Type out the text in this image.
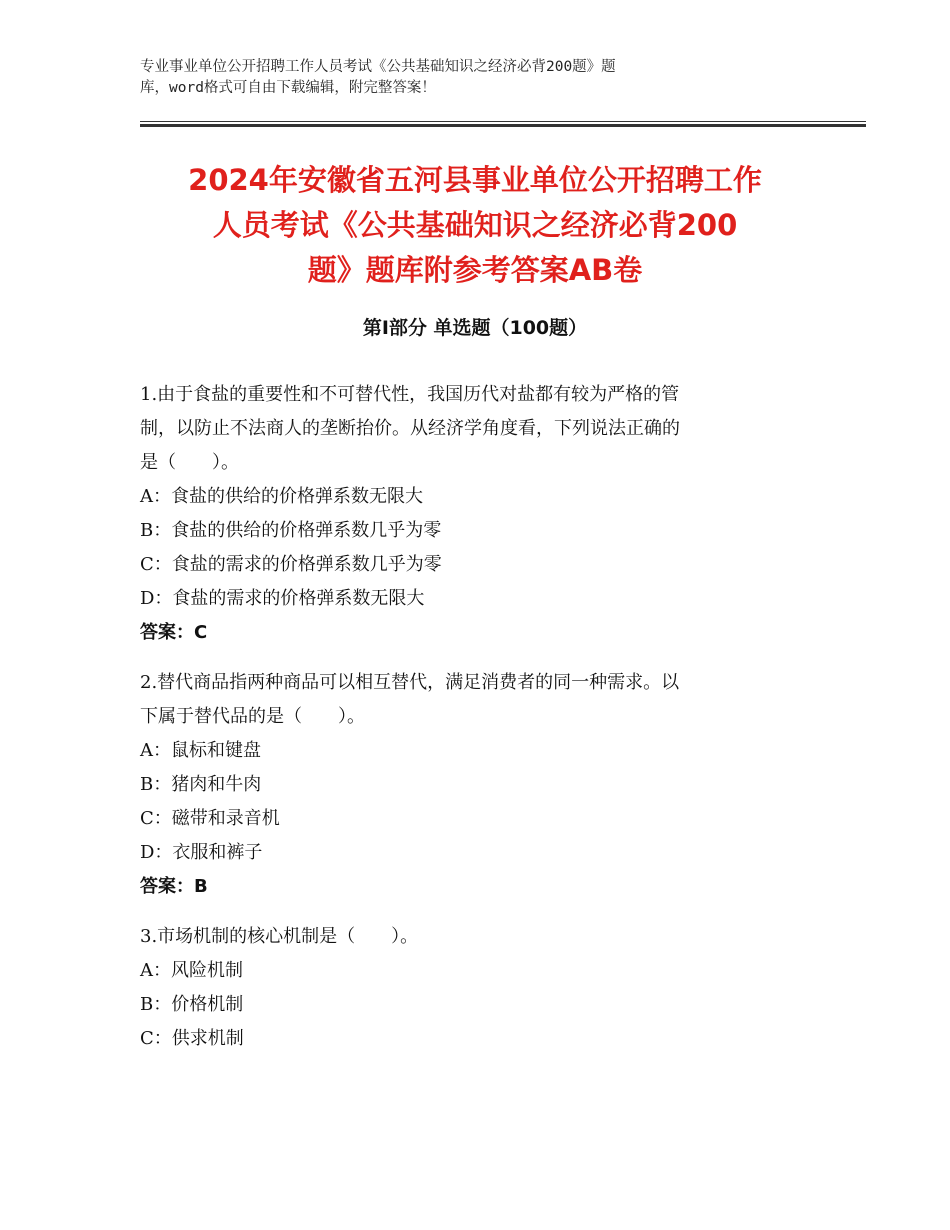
专业事业单位公开招聘工作人员考试《公共基础知识之经济必背200题》题
库，word格式可自由下载编辑，附完整答案！
2024年安徽省五河县事业单位公开招聘工作
人员考试《公共基础知识之经济必背200
题》题库附参考答案AB卷
第Ⅰ部分 单选题（100题）
1.由于食盐的重要性和不可替代性，我国历代对盐都有较为严格的管
制，以防止不法商人的垄断抬价。从经济学角度看，下列说法正确的
是（　　）。
A：食盐的供给的价格弹系数无限大
B：食盐的供给的价格弹系数几乎为零
C：食盐的需求的价格弹系数几乎为零
D：食盐的需求的价格弹系数无限大
答案：C
2.替代商品指两种商品可以相互替代，满足消费者的同一种需求。以
下属于替代品的是（　　）。
A：鼠标和键盘
B：猪肉和牛肉
C：磁带和录音机
D：衣服和裤子
答案：B
3.市场机制的核心机制是（　　）。
A：风险机制
B：价格机制
C：供求机制
